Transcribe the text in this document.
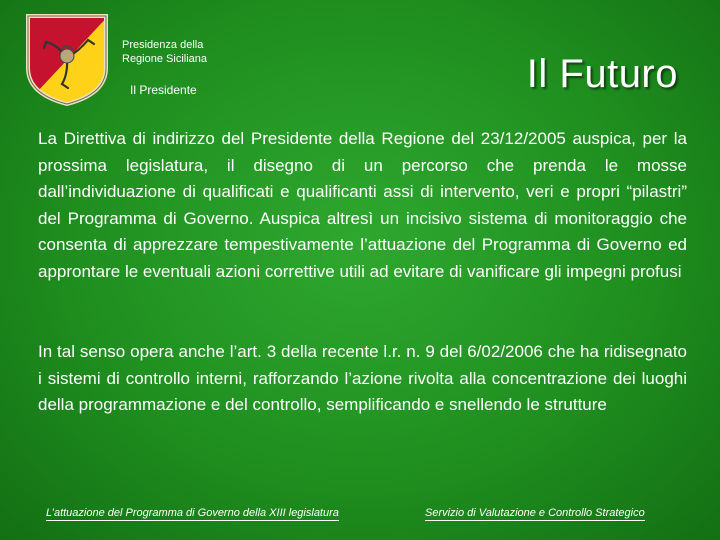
Presidenza della
Regione Siciliana
Il Presidente	Il Futuro
La Direttiva di indirizzo del Presidente della Regione del 23/12/2005 auspica, per la prossima legislatura, il disegno di un percorso che prenda le mosse dall’individuazione di qualificati e qualificanti assi di intervento, veri e propri “pilastri” del Programma di Governo. Auspica altresì un incisivo sistema di monitoraggio che consenta di apprezzare tempestivamente l’attuazione del Programma di Governo ed approntare le eventuali azioni correttive utili ad evitare di vanificare gli impegni profusi
In tal senso opera anche l’art. 3 della recente l.r. n. 9 del 6/02/2006 che ha ridisegnato i sistemi di controllo interni, rafforzando l’azione rivolta alla concentrazione dei luoghi della programmazione e del controllo, semplificando e snellendo le strutture
L’attuazione del Programma di Governo della XIII legislatura	Servizio di Valutazione e Controllo Strategico
